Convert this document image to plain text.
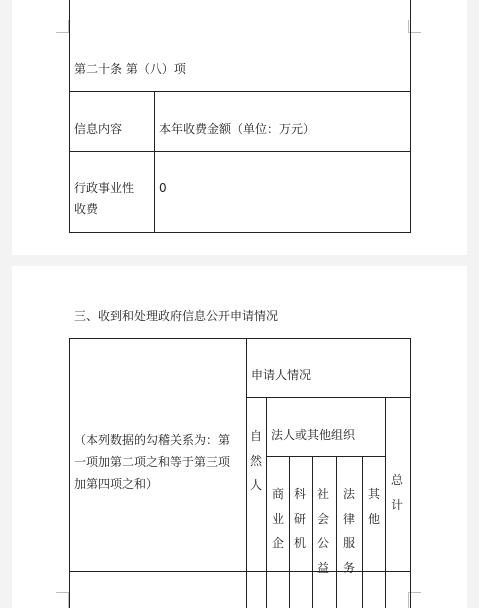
第二十条 第（八）项
信息内容	本年收费金额（单位：万元）
行政事业性
收费
0
三、收到和处理政府信息公开申请情况
（本列数据的勾稽关系为：第
一项加第二项之和等于第三项
加第四项之和）
申请人情况
自然人
法人或其他组织
商业企
科研机
社会公益
法律服务
其他
总计
